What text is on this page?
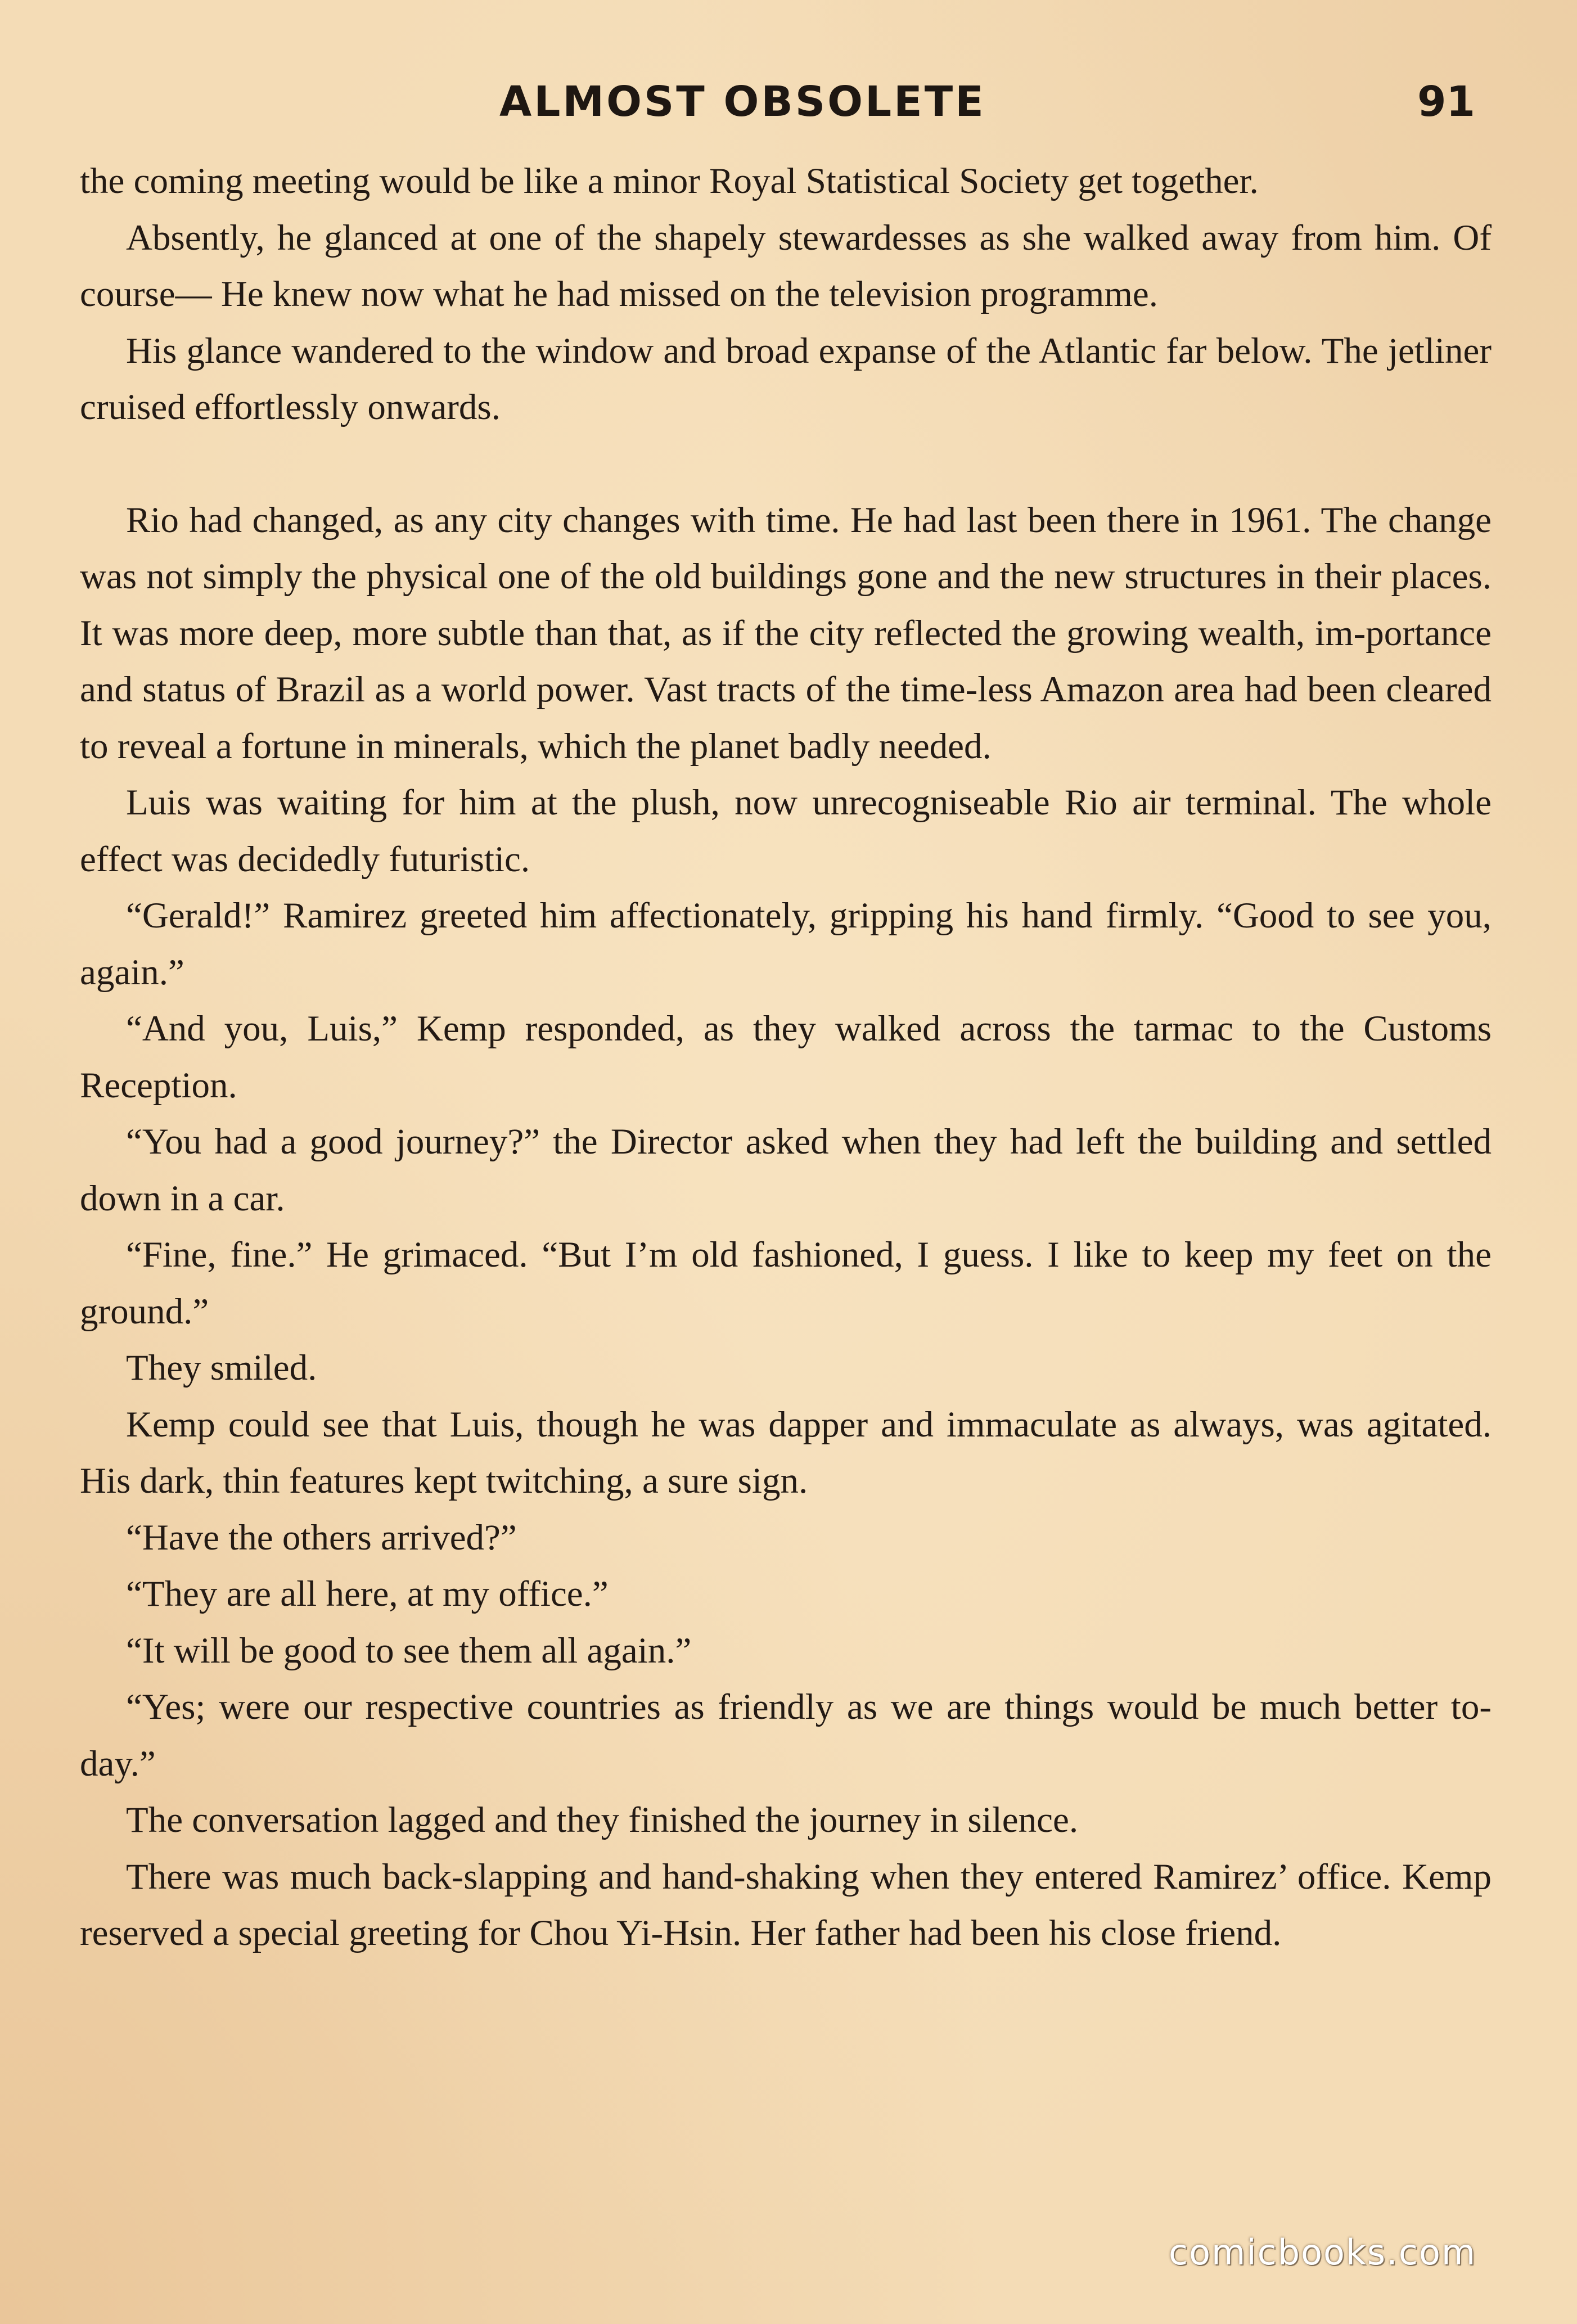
ALMOST OBSOLETE	91

the coming meeting would be like a minor Royal Statistical Society get together.

Absently, he glanced at one of the shapely stewardesses as she walked away from him. Of course— He knew now what he had missed on the television programme.

His glance wandered to the window and broad expanse of the Atlantic far below. The jetliner cruised effortlessly onwards.

Rio had changed, as any city changes with time. He had last been there in 1961. The change was not simply the physical one of the old buildings gone and the new structures in their places. It was more deep, more subtle than that, as if the city reflected the growing wealth, im-portance and status of Brazil as a world power. Vast tracts of the time-less Amazon area had been cleared to reveal a fortune in minerals, which the planet badly needed.

Luis was waiting for him at the plush, now unrecogniseable Rio air terminal. The whole effect was decidedly futuristic.

“Gerald!” Ramirez greeted him affectionately, gripping his hand firmly. “Good to see you, again.”

“And you, Luis,” Kemp responded, as they walked across the tarmac to the Customs Reception.

“You had a good journey?” the Director asked when they had left the building and settled down in a car.

“Fine, fine.” He grimaced. “But I’m old fashioned, I guess. I like to keep my feet on the ground.”

They smiled.

Kemp could see that Luis, though he was dapper and immaculate as always, was agitated. His dark, thin features kept twitching, a sure sign.

“Have the others arrived?”

“They are all here, at my office.”

“It will be good to see them all again.”

“Yes; were our respective countries as friendly as we are things would be much better to-day.”

The conversation lagged and they finished the journey in silence.

There was much back-slapping and hand-shaking when they entered Ramirez’ office. Kemp reserved a special greeting for Chou Yi-Hsin. Her father had been his close friend.

comicbooks.com
